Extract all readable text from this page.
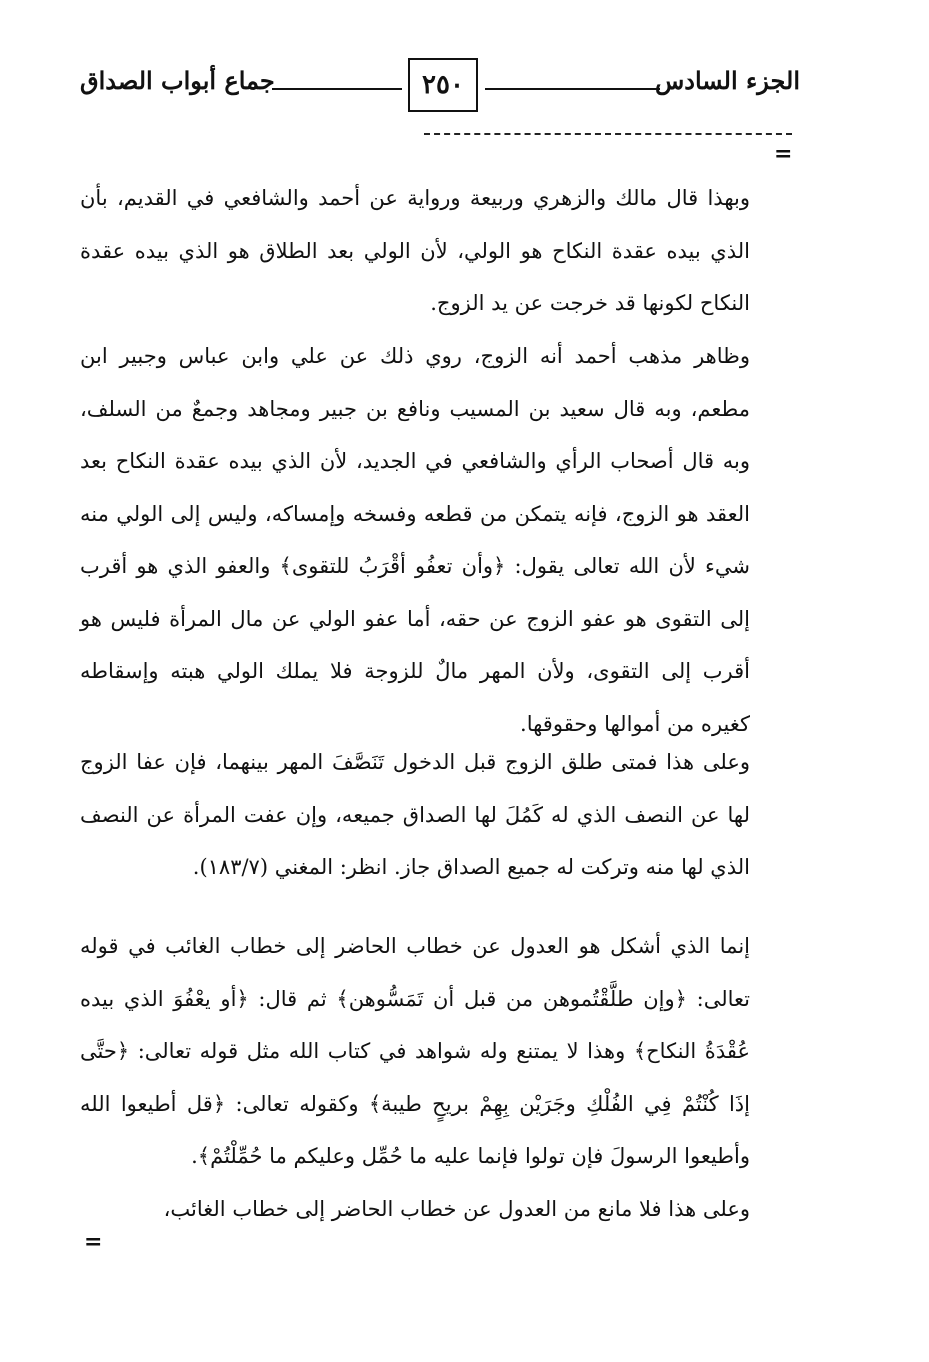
الجزء السادس
٢٥٠
جماع أبواب الصداق
=

وبهذا قال مالك والزهري وربيعة ورواية عن أحمد والشافعي في القديم، بأن الذي بيده عقدة النكاح هو الولي، لأن الولي بعد الطلاق هو الذي بيده عقدة النكاح لكونها قد خرجت عن يد الزوج.

وظاهر مذهب أحمد أنه الزوج، روي ذلك عن علي وابن عباس وجبير ابن مطعم، وبه قال سعيد بن المسيب ونافع بن جبير ومجاهد وجمعٌ من السلف، وبه قال أصحاب الرأي والشافعي في الجديد، لأن الذي بيده عقدة النكاح بعد العقد هو الزوج، فإنه يتمكن من قطعه وفسخه وإمساكه، وليس إلى الولي منه شيء لأن الله تعالى يقول: ﴿وأن تعفُو أقْرَبُ للتقوى﴾ والعفو الذي هو أقرب إلى التقوى هو عفو الزوج عن حقه، أما عفو الولي عن مال المرأة فليس هو أقرب إلى التقوى، ولأن المهر مالٌ للزوجة فلا يملك الولي هبته وإسقاطه كغيره من أموالها وحقوقها.

وعلى هذا فمتى طلق الزوج قبل الدخول تَنَصَّفَ المهر بينهما، فإن عفا الزوج لها عن النصف الذي له كَمُلَ لها الصداق جميعه، وإن عفت المرأة عن النصف الذي لها منه وتركت له جميع الصداق جاز. انظر: المغني (١٨٣/٧).

إنما الذي أشكل هو العدول عن خطاب الحاضر إلى خطاب الغائب في قوله تعالى: ﴿وإن طلَّقْتُموهن من قبل أن تَمَسُّوهن﴾ ثم قال: ﴿أو يعْفُوَ الذي بيده عُقْدَةُ النكاح﴾ وهذا لا يمتنع وله شواهد في كتاب الله مثل قوله تعالى: ﴿حتَّى إذَا كُنْتُمْ فِي الفُلْكِ وجَرَيْن بِهِمْ بريحٍ طيبة﴾ وكقوله تعالى: ﴿قل أطيعوا الله وأطيعوا الرسولَ فإن تولوا فإنما عليه ما حُمِّل وعليكم ما حُمِّلْتُمْ﴾.

وعلى هذا فلا مانع من العدول عن خطاب الحاضر إلى خطاب الغائب،

=
